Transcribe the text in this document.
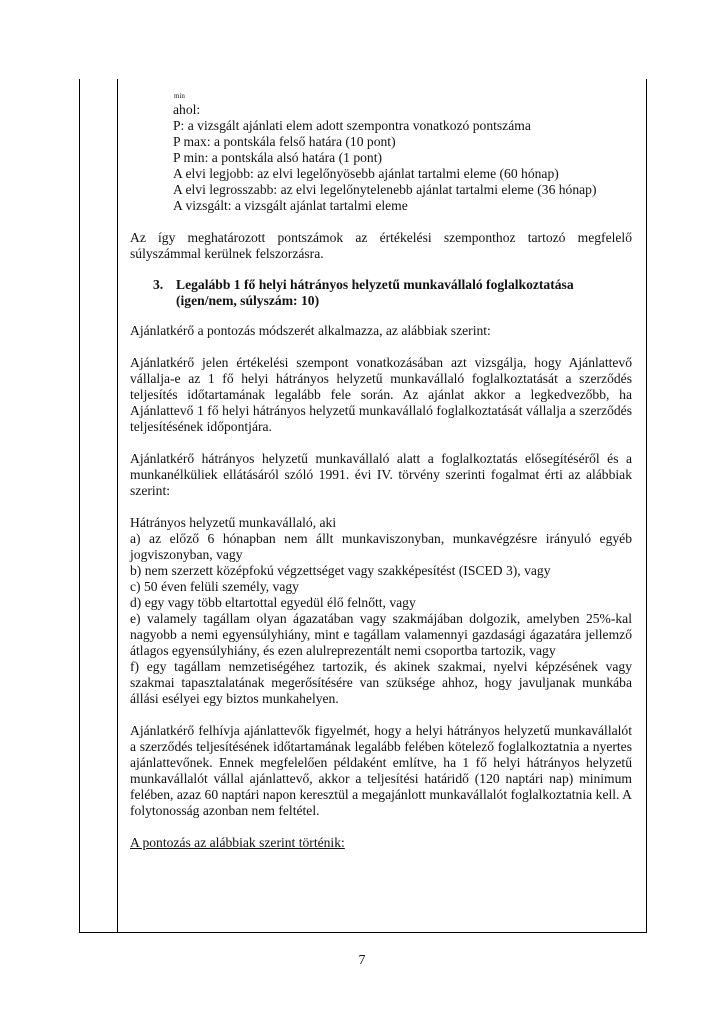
min

ahol:

P: a vizsgált ajánlati elem adott szempontra vonatkozó pontszáma

P max: a pontskála felső határa (10 pont)

P min: a pontskála alsó határa (1 pont)

A elvi legjobb: az elvi legelőnyösebb ajánlat tartalmi eleme (60 hónap)

A elvi legrosszabb: az elvi legelőnytelenebb ajánlat tartalmi eleme (36 hónap)

A vizsgált: a vizsgált ajánlat tartalmi eleme

Az így meghatározott pontszámok az értékelési szemponthoz tartozó megfelelő súlyszámmal kerülnek felszorzásra.

3. Legalább 1 fő helyi hátrányos helyzetű munkavállaló foglalkoztatása (igen/nem, súlyszám: 10)

Ajánlatkérő a pontozás módszerét alkalmazza, az alábbiak szerint:

Ajánlatkérő jelen értékelési szempont vonatkozásában azt vizsgálja, hogy Ajánlattevő vállalja-e az 1 fő helyi hátrányos helyzetű munkavállaló foglalkoztatását a szerződés teljesítés időtartamának legalább fele során. Az ajánlat akkor a legkedvezőbb, ha Ajánlattevő 1 fő helyi hátrányos helyzetű munkavállaló foglalkoztatását vállalja a szerződés teljesítésének időpontjára.

Ajánlatkérő hátrányos helyzetű munkavállaló alatt a foglalkoztatás elősegítéséről és a munkanélküliek ellátásáról szóló 1991. évi IV. törvény szerinti fogalmat érti az alábbiak szerint:

Hátrányos helyzetű munkavállaló, aki

a) az előző 6 hónapban nem állt munkaviszonyban, munkavégzésre irányuló egyéb jogviszonyban, vagy

b) nem szerzett középfokú végzettséget vagy szakképesítést (ISCED 3), vagy

c) 50 éven felüli személy, vagy

d) egy vagy több eltartottal egyedül élő felnőtt, vagy

e) valamely tagállam olyan ágazatában vagy szakmájában dolgozik, amelyben 25%-kal nagyobb a nemi egyensúlyhiány, mint e tagállam valamennyi gazdasági ágazatára jellemző átlagos egyensúlyhiány, és ezen alulreprezentált nemi csoportba tartozik, vagy

f) egy tagállam nemzetiségéhez tartozik, és akinek szakmai, nyelvi képzésének vagy szakmai tapasztalatának megerősítésére van szüksége ahhoz, hogy javuljanak munkába állási esélyei egy biztos munkahelyen.

Ajánlatkérő felhívja ajánlattevők figyelmét, hogy a helyi hátrányos helyzetű munkavállalót a szerződés teljesítésének időtartamának legalább felében kötelező foglalkoztatnia a nyertes ajánlattevőnek. Ennek megfelelően példaként említve, ha 1 fő helyi hátrányos helyzetű munkavállalót vállal ajánlattevő, akkor a teljesítési határidő (120 naptári nap) minimum felében, azaz 60 naptári napon keresztül a megajánlott munkavállalót foglalkoztatnia kell. A folytonosság azonban nem feltétel.

A pontozás az alábbiak szerint történik:

7
